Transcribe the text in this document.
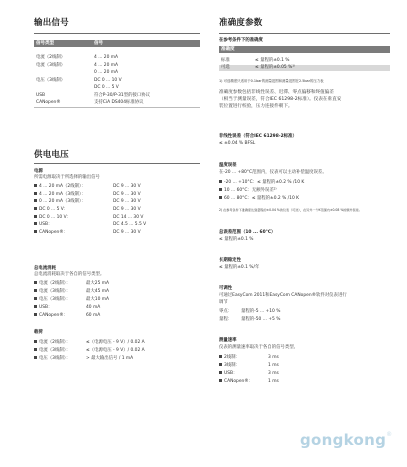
输出信号
信号类型	信号
电流（2线制）	4 ... 20 mA
电流（3线制）	4 ... 20 mA
0 ... 20 mA
电压（3线制）	DC 0 ... 10 V
DC 0 ... 5 V
USB	符合P-30/P-31型的接口协议
CANopen®	支持CiA DS404标准协议
供电电压
电源
所需电源取决于所选择的输出信号
4 ... 20 mA（2线制）：	DC 9 ... 30 V
4 ... 20 mA（3线制）：	DC 9 ... 30 V
0 ... 20 mA（3线制）：	DC 9 ... 30 V
DC 0 ... 5 V：	DC 9 ... 30 V
DC 0 ... 10 V：	DC 14 ... 30 V
USB：	DC 4.5 ... 5.5 V
CANopen®：	DC 9 ... 30 V
总电流消耗
总电流消耗取决于各自的信号类型。
电流（2线制）：	最大25 mA
电流（3线制）：	最大45 mA
电压（3线制）：	最大10 mA
USB：	40 mA
CANopen®：	60 mA
载荷
电流（2线制）：	≤（电源电压 - 9 V）/ 0.02 A
电流（3线制）：	≤（电源电压 - 9 V）/ 0.02 A
电压（3线制）：	> 最大输出信号 / 1 mA
准确度参数
在参考条件下的准确度
准确度
标准	≤ 量程的±0.1 %
可选	≤ 量程的±0.05 %¹⁾
1) 可选精度只适用于0.1bar的测量范围和测量范围在2.5bar的压力表
准确度参数包括非线性误差、迟滞、零点偏移和终值偏差
（相当于测量误差，符合IEC 61298-2标准）。仪表在垂直安
装位置进行校验，压力连接件朝下。
非线性误差（符合IEC 61298-2标准）
≤ ±0.04 % BFSL
温度误差
在-20 ... +80°C范围内，仪表可以主动补偿温度误差。
-20 ... +10°C：≤ 量程的±0.2 % /10 K
10 ... 60°C：无额外误差²⁾
60 ... 80°C：≤ 量程的±0.2 % /10 K
2) 在参考条件下准确度达到量程的±0.04 %的仪表（可选），在另外一个K范围内±0.08 %的额外误差。
总误差范围（10 ... 60°C）
≤ 量程的±0.1 %
长期稳定性
≤ 量程的±0.1 %/年
可调性
可通过EasyCom 2011和EasyCom CANopen®软件对仪表进行
调节
零点： 量程的-5 ... +10 %
量程： 量程的-50 ... +5 %
测量速率
仪表的测量速率取决于各自的信号类型。
2线制：	3 ms
3线制：	1 ms
USB：	3 ms
CANopen®：	1 ms
gongkong®
